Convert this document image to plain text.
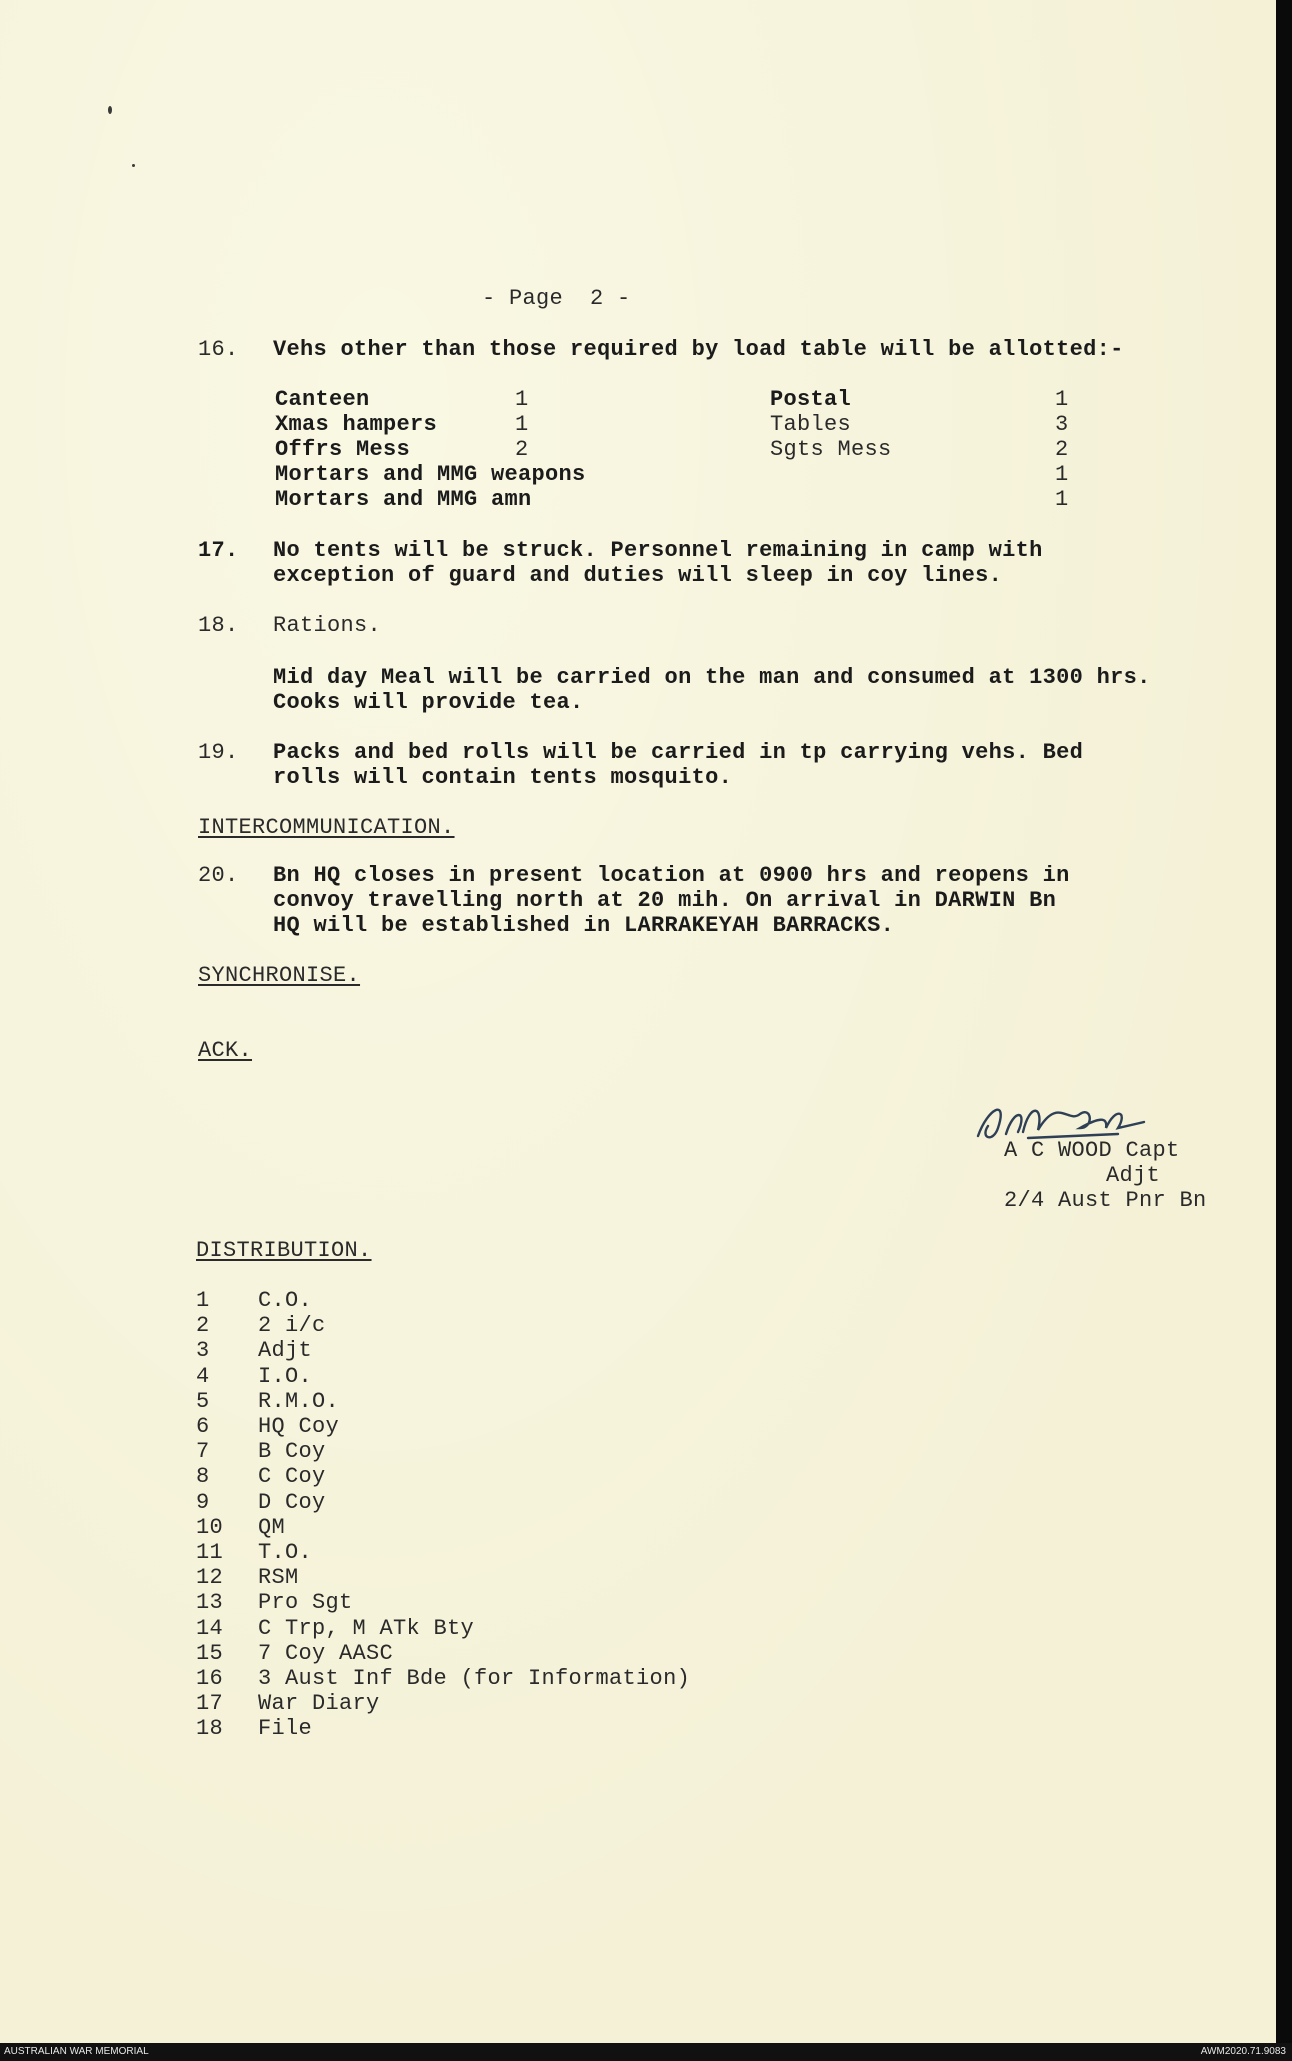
- Page  2 -
16. Vehs other than those required by load table will be allotted:-
Canteen	1	Postal	1
Xmas hampers	1	Tables	3
Offrs Mess	2	Sgts Mess	2
Mortars and MMG weapons	1
Mortars and MMG amn	1
17. No tents will be struck. Personnel remaining in camp with
exception of guard and duties will sleep in coy lines.
18. Rations.
Mid day Meal will be carried on the man and consumed at 1300 hrs.
Cooks will provide tea.
19. Packs and bed rolls will be carried in tp carrying vehs. Bed
rolls will contain tents mosquito.
INTERCOMMUNICATION.
20. Bn HQ closes in present location at 0900 hrs and reopens in
convoy travelling north at 20 mih. On arrival in DARWIN Bn
HQ will be established in LARRAKEYAH BARRACKS.
SYNCHRONISE.
ACK.
A C WOOD Capt
Adjt
2/4 Aust Pnr Bn
DISTRIBUTION.
1 C.O.
2 2 i/c
3 Adjt
4 I.O.
5 R.M.O.
6 HQ Coy
7 B Coy
8 C Coy
9 D Coy
10 QM
11 T.O.
12 RSM
13 Pro Sgt
14 C Trp, M ATk Bty
15 7 Coy AASC
16 3 Aust Inf Bde (for Information)
17 War Diary
18 File
AUSTRALIAN WAR MEMORIAL	AWM2020.71.9083
